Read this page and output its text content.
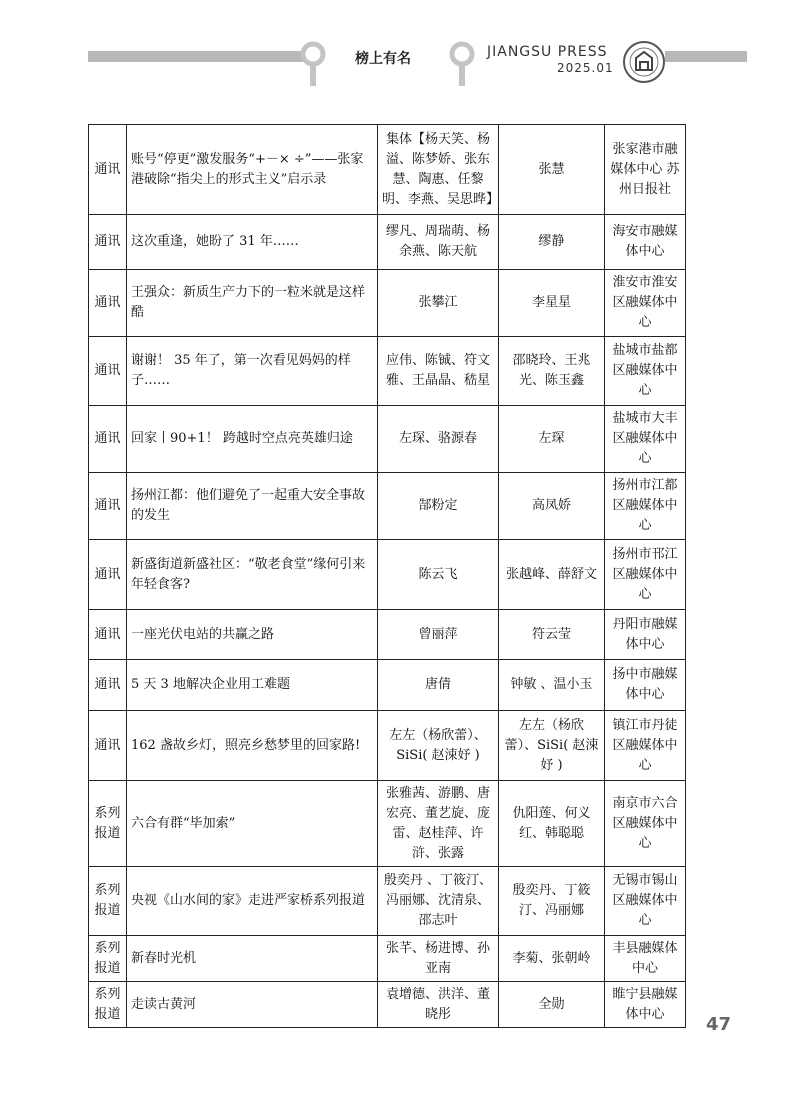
榜上有名	JIANGSU PRESS
2025.01
通讯	账号“停更”激发服务“+－× ÷”——张家港破除“指尖上的形式主义”启示录	集体【杨天笑、杨溢、陈梦娇、张东慧、陶惠、任黎明、李燕、吴思晔】	张慧	张家港市融媒体中心 苏州日报社
通讯	这次重逢，她盼了 31 年……	缪凡、周瑞萌、杨余燕、陈天航	缪静	海安市融媒体中心
通讯	王强众：新质生产力下的一粒米就是这样酷	张攀江	李星星	淮安市淮安区融媒体中心
通讯	谢谢！ 35 年了，第一次看见妈妈的样子……	应伟、陈铖、符文雅、王晶晶、嵇星	邵晓玲、王兆光、陈玉鑫	盐城市盐都区融媒体中心
通讯	回家丨90+1！ 跨越时空点亮英雄归途	左琛、骆源春	左琛	盐城市大丰区融媒体中心
通讯	扬州江都：他们避免了一起重大安全事故的发生	郜粉定	高凤娇	扬州市江都区融媒体中心
通讯	新盛街道新盛社区：“敬老食堂”缘何引来年轻食客?	陈云飞	张越峰、薛舒文	扬州市邗江区融媒体中心
通讯	一座光伏电站的共赢之路	曾丽萍	符云莹	丹阳市融媒体中心
通讯	5 天 3 地解决企业用工难题	唐倩	钟敏 、温小玉	扬中市融媒体中心
通讯	162 盏故乡灯，照亮乡愁梦里的回家路!	左左（杨欣蕾）、SiSi( 赵涑妤 )	左左（杨欣蕾）、SiSi( 赵涑妤 )	镇江市丹徒区融媒体中心
系列报道	六合有群“毕加索”	张雅茜、游鹏、唐宏亮、董艺旋、庞雷、赵桂萍、许浒、张露	仇阳莲、何义红、韩聪聪	南京市六合区融媒体中心
系列报道	央视《山水间的家》走进严家桥系列报道	殷奕丹 、丁筱汀、冯丽娜、沈清泉、邵志叶	殷奕丹、丁筱汀、冯丽娜	无锡市锡山区融媒体中心
系列报道	新春时光机	张芊、杨进博、孙亚南	李菊、张朝岭	丰县融媒体中心
系列报道	走读古黄河	袁增德、洪洋、董晓彤	全勋	睢宁县融媒体中心 47
